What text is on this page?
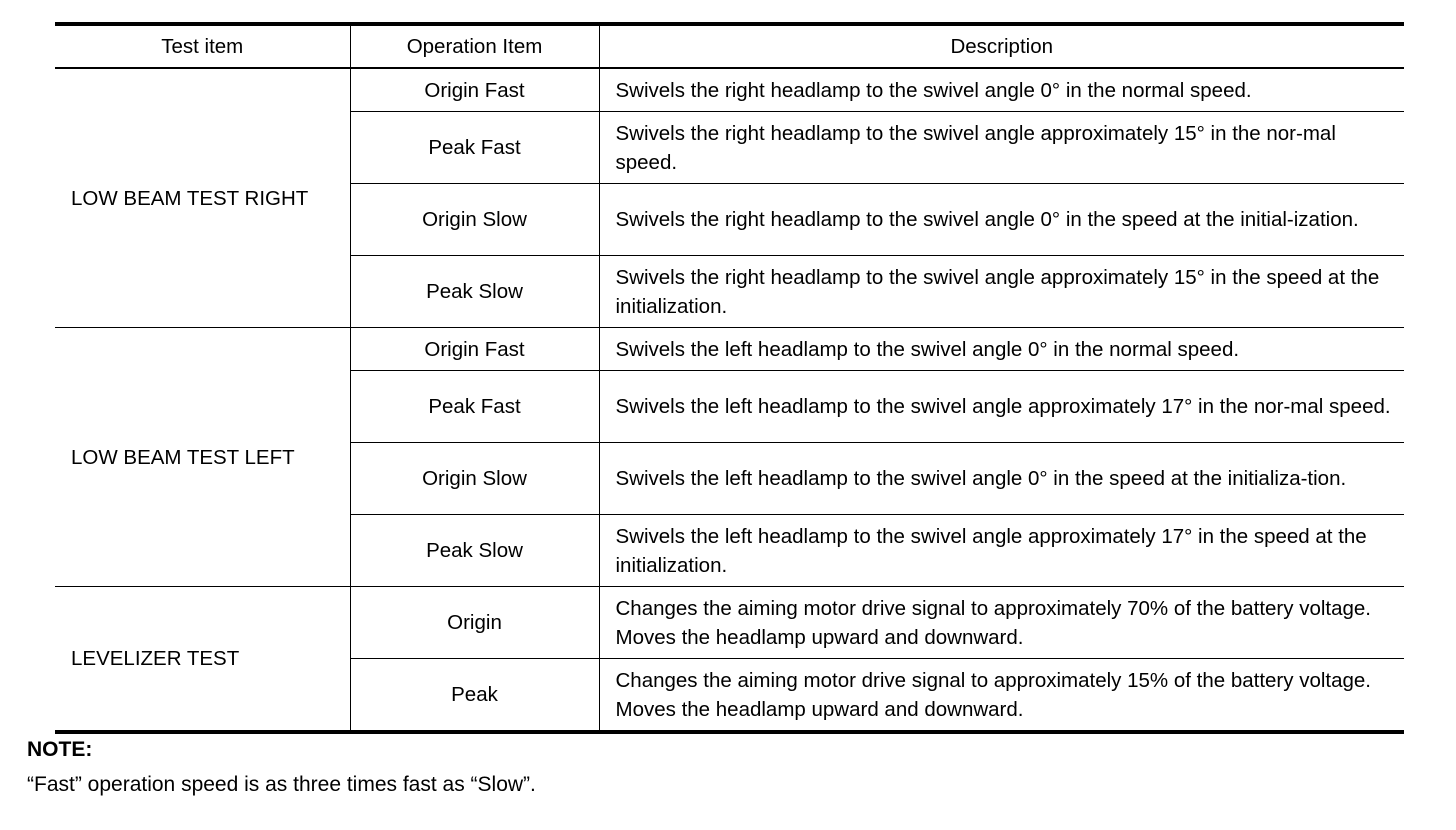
Test item	Operation Item	Description
LOW BEAM TEST RIGHT	Origin Fast	Swivels the right headlamp to the swivel angle 0° in the normal speed.
	Peak Fast	Swivels the right headlamp to the swivel angle approximately 15° in the nor-mal speed.
	Origin Slow	Swivels the right headlamp to the swivel angle 0° in the speed at the initial-ization.
	Peak Slow	Swivels the right headlamp to the swivel angle approximately 15° in the speed at the initialization.
LOW BEAM TEST LEFT	Origin Fast	Swivels the left headlamp to the swivel angle 0° in the normal speed.
	Peak Fast	Swivels the left headlamp to the swivel angle approximately 17° in the nor-mal speed.
	Origin Slow	Swivels the left headlamp to the swivel angle 0° in the speed at the initializa-tion.
	Peak Slow	Swivels the left headlamp to the swivel angle approximately 17° in the speed at the initialization.
LEVELIZER TEST	Origin	Changes the aiming motor drive signal to approximately 70% of the battery voltage. Moves the headlamp upward and downward.
	Peak	Changes the aiming motor drive signal to approximately 15% of the battery voltage. Moves the headlamp upward and downward.

NOTE:

“Fast” operation speed is as three times fast as “Slow”.
